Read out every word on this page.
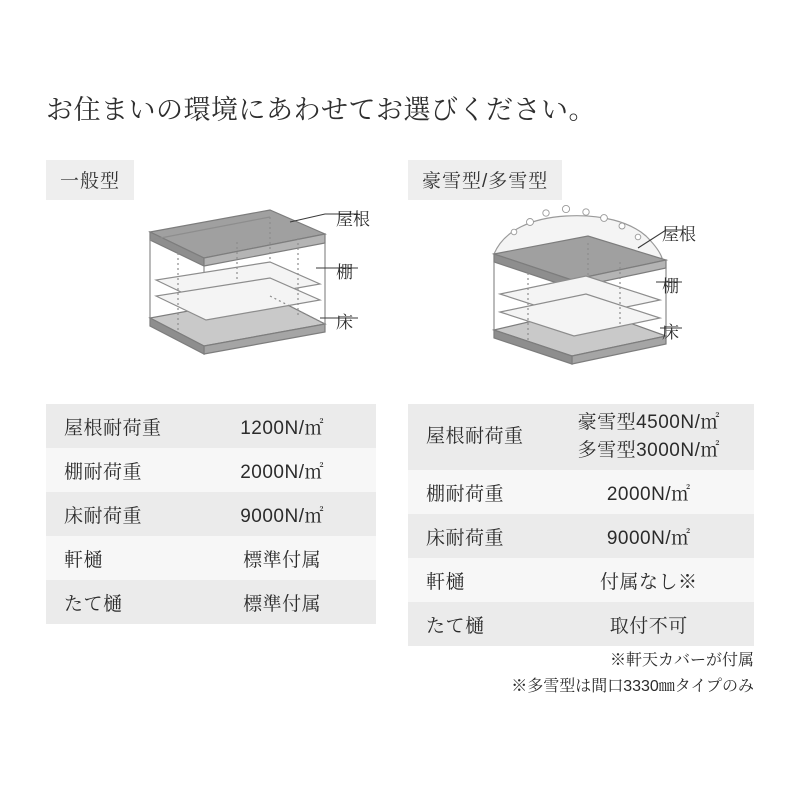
お住まいの環境にあわせてお選びください。
一般型
屋根
棚
床
屋根耐荷重	1200N/㎡
棚耐荷重	2000N/㎡
床耐荷重	9000N/㎡
軒樋	標準付属
たて樋	標準付属
豪雪型/多雪型
屋根
棚
床
屋根耐荷重	豪雪型4500N/㎡
多雪型3000N/㎡
棚耐荷重	2000N/㎡
床耐荷重	9000N/㎡
軒樋	付属なし※
たて樋	取付不可
※軒天カバーが付属
※多雪型は間口3330㎜タイプのみ
